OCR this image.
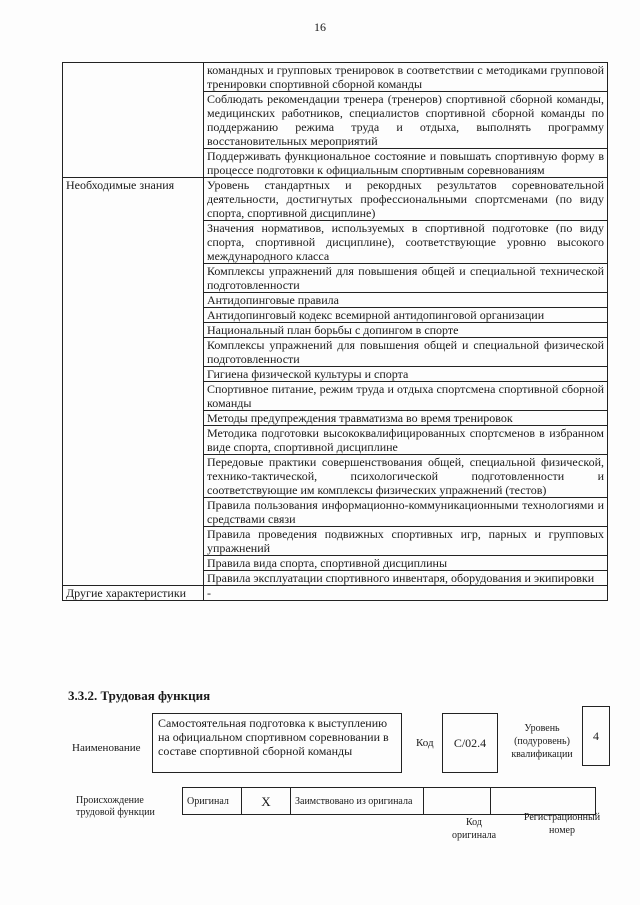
16
	командных и групповых тренировок в соответствии с методиками групповой тренировки спортивной сборной команды
	Соблюдать рекомендации тренера (тренеров) спортивной сборной команды, медицинских работников, специалистов спортивной сборной команды по поддержанию режима труда и отдыха, выполнять программу восстановительных мероприятий
	Поддерживать функциональное состояние и повышать спортивную форму в процессе подготовки к официальным спортивным соревнованиям
Необходимые знания	Уровень стандартных и рекордных результатов соревновательной деятельности, достигнутых профессиональными спортсменами (по виду спорта, спортивной дисциплине)
	Значения нормативов, используемых в спортивной подготовке (по виду спорта, спортивной дисциплине), соответствующие уровню высокого международного класса
	Комплексы упражнений для повышения общей и специальной технической подготовленности
	Антидопинговые правила
	Антидопинговый кодекс всемирной антидопинговой организации
	Национальный план борьбы с допингом в спорте
	Комплексы упражнений для повышения общей и специальной физической подготовленности
	Гигиена физической культуры и спорта
	Спортивное питание, режим труда и отдыха спортсмена спортивной сборной команды
	Методы предупреждения травматизма во время тренировок
	Методика подготовки высококвалифицированных спортсменов в избранном виде спорта, спортивной дисциплине
	Передовые практики совершенствования общей, специальной физической, технико-тактической, психологической подготовленности и соответствующие им комплексы физических упражнений (тестов)
	Правила пользования информационно-коммуникационными технологиями и средствами связи
	Правила проведения подвижных спортивных игр, парных и групповых упражнений
	Правила вида спорта, спортивной дисциплины
	Правила эксплуатации спортивного инвентаря, оборудования и экипировки
Другие характеристики	-
3.3.2. Трудовая функция
Наименование
Самостоятельная подготовка к выступлению на официальном спортивном соревновании в составе спортивной сборной команды
Код	C/02.4
Уровень (подуровень) квалификации
4
Происхождение трудовой функции
Оригинал	X	Заимствовано из оригинала		
Код оригинала
Регистрационный номер
